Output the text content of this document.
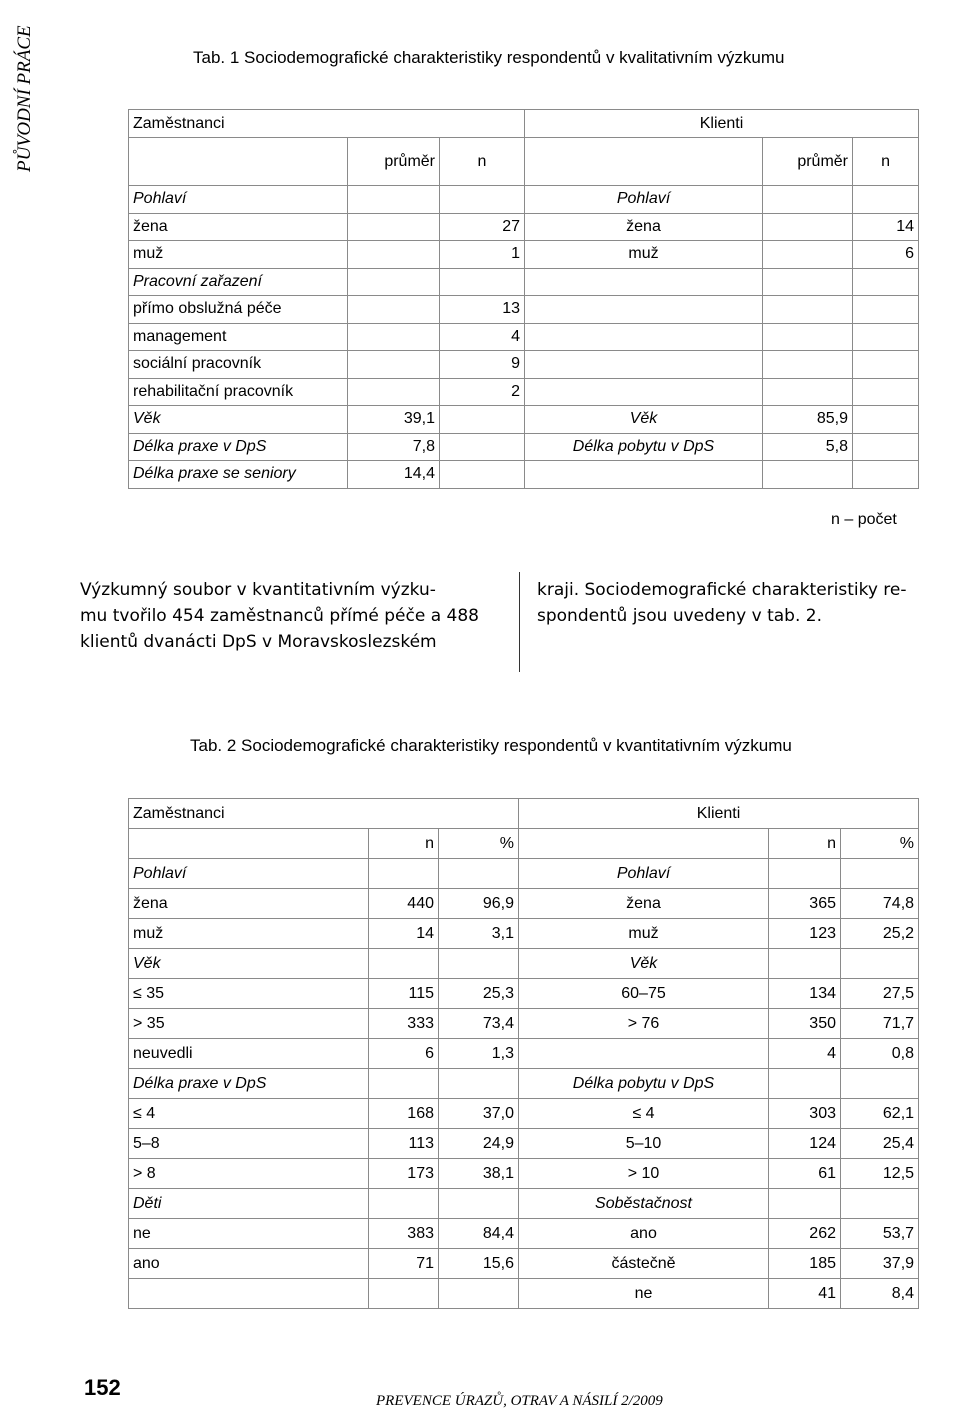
PŮVODNÍ PRÁCE	Tab. 1 Sociodemografické charakteristiky respondentů v kvalitativním výzkumu
Zaměstnanci			Klienti		
	průměr	n		průměr	n
Pohlaví			Pohlaví		
žena		27	žena		14
muž		1	muž		6
Pracovní zařazení					
přímo obslužná péče		13			
management		4			
sociální pracovník		9			
rehabilitační pracovník		2			
Věk	39,1		Věk	85,9	
Délka praxe v DpS	7,8		Délka pobytu v DpS	5,8	
Délka praxe se seniory	14,4				
n – počet
Výzkumný soubor v kvantitativním výzku-
mu tvořilo 454 zaměstnanců přímé péče a 488
klientů dvanácti DpS v Moravskoslezském
kraji. Sociodemografické charakteristiky re-
spondentů jsou uvedeny v tab. 2.
Tab. 2 Sociodemografické charakteristiky respondentů v kvantitativním výzkumu
Zaměstnanci			Klienti		
	n	%		n	%
Pohlaví			Pohlaví		
žena	440	96,9	žena	365	74,8
muž	14	3,1	muž	123	25,2
Věk			Věk		
≤ 35	115	25,3	60–75	134	27,5
> 35	333	73,4	> 76	350	71,7
neuvedli	6	1,3		4	0,8
Délka praxe v DpS			Délka pobytu v DpS		
≤ 4	168	37,0	≤ 4	303	62,1
5–8	113	24,9	5–10	124	25,4
> 8	173	38,1	> 10	61	12,5
Děti			Soběstačnost		
ne	383	84,4	ano	262	53,7
ano	71	15,6	částečně	185	37,9
			ne	41	8,4
152
PREVENCE ÚRAZŮ, OTRAV A NÁSILÍ 2/2009
